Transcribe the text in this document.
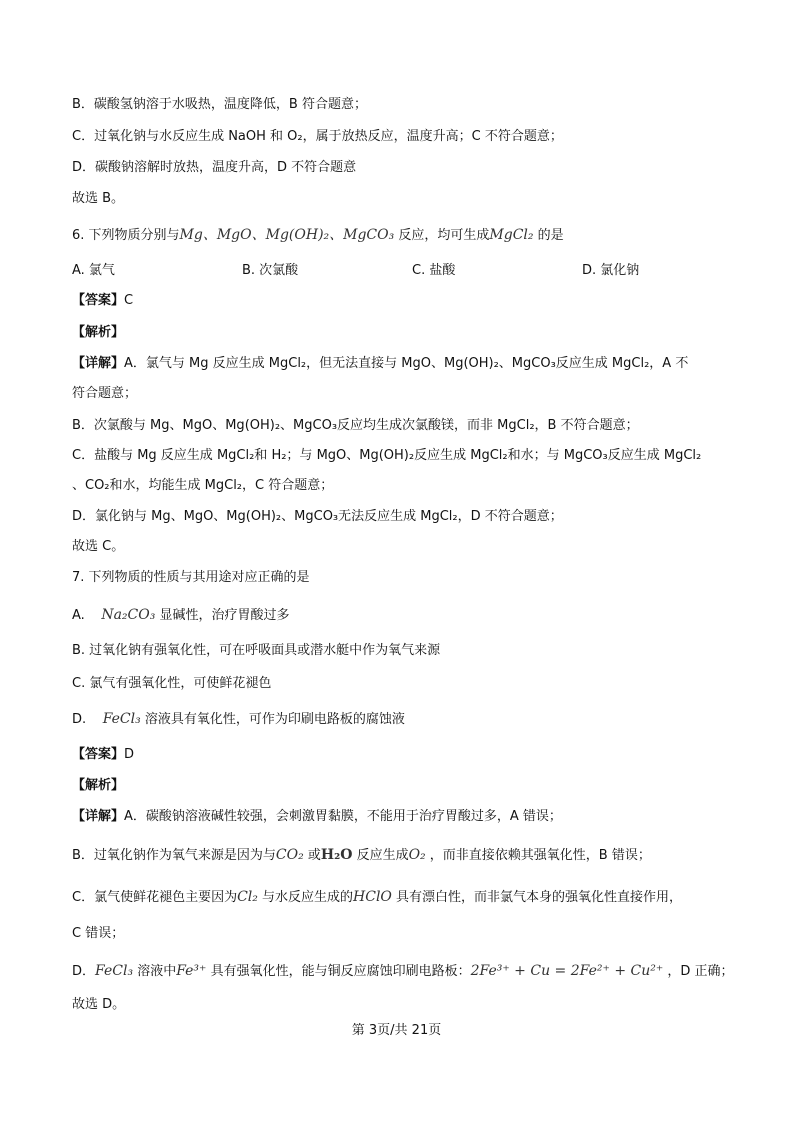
B．碳酸氢钠溶于水吸热，温度降低，B 符合题意；
C．过氧化钠与水反应生成 NaOH 和 O₂，属于放热反应，温度升高；C 不符合题意；
D．碳酸钠溶解时放热，温度升高，D 不符合题意
故选 B。
6. 下列物质分别与Mg、MgO、Mg(OH)₂、MgCO₃ 反应，均可生成MgCl₂ 的是
A. 氯气	B. 次氯酸	C. 盐酸	D. 氯化钠
【答案】C
【解析】
【详解】A．氯气与 Mg 反应生成 MgCl₂，但无法直接与 MgO、Mg(OH)₂、MgCO₃反应生成 MgCl₂，A 不
符合题意；
B．次氯酸与 Mg、MgO、Mg(OH)₂、MgCO₃反应均生成次氯酸镁，而非 MgCl₂，B 不符合题意；
C．盐酸与 Mg 反应生成 MgCl₂和 H₂；与 MgO、Mg(OH)₂反应生成 MgCl₂和水；与 MgCO₃反应生成 MgCl₂
、CO₂和水，均能生成 MgCl₂，C 符合题意；
D．氯化钠与 Mg、MgO、Mg(OH)₂、MgCO₃无法反应生成 MgCl₂，D 不符合题意；
故选 C。
7. 下列物质的性质与其用途对应正确的是
A. Na₂CO₃ 显碱性，治疗胃酸过多
B. 过氧化钠有强氧化性，可在呼吸面具或潜水艇中作为氧气来源
C. 氯气有强氧化性，可使鲜花褪色
D. FeCl₃ 溶液具有氧化性，可作为印刷电路板的腐蚀液
【答案】D
【解析】
【详解】A．碳酸钠溶液碱性较强，会刺激胃黏膜，不能用于治疗胃酸过多，A 错误；
B．过氧化钠作为氧气来源是因为与CO₂ 或H₂O 反应生成O₂ ，而非直接依赖其强氧化性，B 错误；
C．氯气使鲜花褪色主要因为Cl₂ 与水反应生成的HClO 具有漂白性，而非氯气本身的强氧化性直接作用，
C 错误；
D．FeCl₃ 溶液中Fe³⁺ 具有强氧化性，能与铜反应腐蚀印刷电路板：2Fe³⁺ + Cu = 2Fe²⁺ + Cu²⁺ ，D 正确；
故选 D。
第 3页/共 21页
